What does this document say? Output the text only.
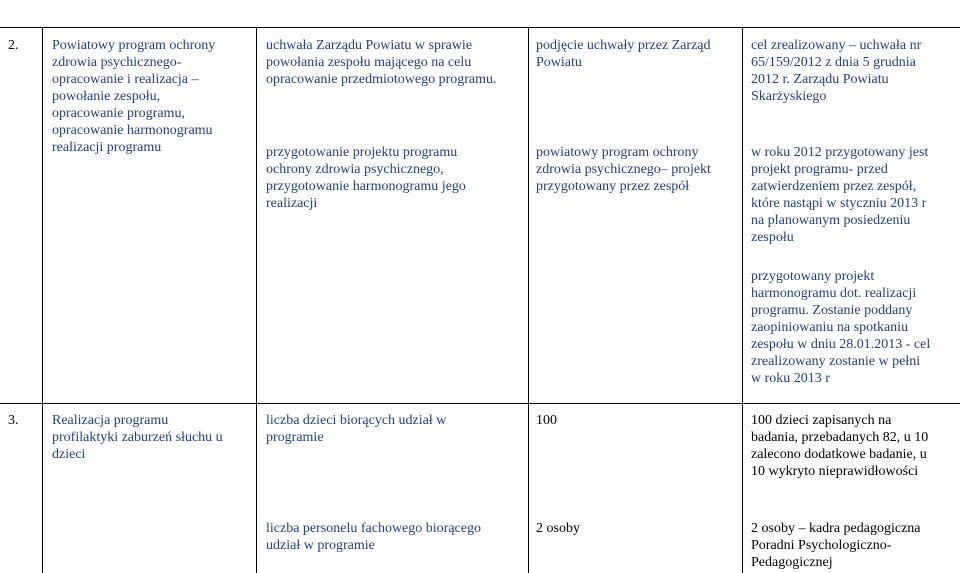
2. Powiatowy program ochrony
zdrowia psychicznego-
opracowanie i realizacja –
powołanie zespołu,
opracowanie programu,
opracowanie harmonogramu
realizacji programu

uchwała Zarządu Powiatu w sprawie
powołania zespołu mającego na celu
opracowanie przedmiotowego programu.

przygotowanie projektu programu
ochrony zdrowia psychicznego,
przygotowanie harmonogramu jego
realizacji

podjęcie uchwały przez Zarząd
Powiatu

powiatowy program ochrony
zdrowia psychicznego– projekt
przygotowany przez zespół

cel zrealizowany – uchwała nr
65/159/2012 z dnia 5 grudnia
2012 r. Zarządu Powiatu
Skarżyskiego

w roku 2012 przygotowany jest
projekt programu- przed
zatwierdzeniem przez zespół,
które nastąpi w styczniu 2013 r
na planowanym posiedzeniu
zespołu

przygotowany projekt
harmonogramu dot. realizacji
programu. Zostanie poddany
zaopiniowaniu na spotkaniu
zespołu w dniu 28.01.2013 - cel
zrealizowany zostanie w pełni
w roku 2013 r

3. Realizacja programu
profilaktyki zaburzeń słuchu u
dzieci

liczba dzieci biorących udział w
programie

liczba personelu fachowego biorącego
udział w programie

100

2 osoby

100 dzieci zapisanych na
badania, przebadanych 82, u 10
zalecono dodatkowe badanie, u
10 wykryto nieprawidłowości

2 osoby – kadra pedagogiczna
Poradni Psychologiczno-
Pedagogicznej
